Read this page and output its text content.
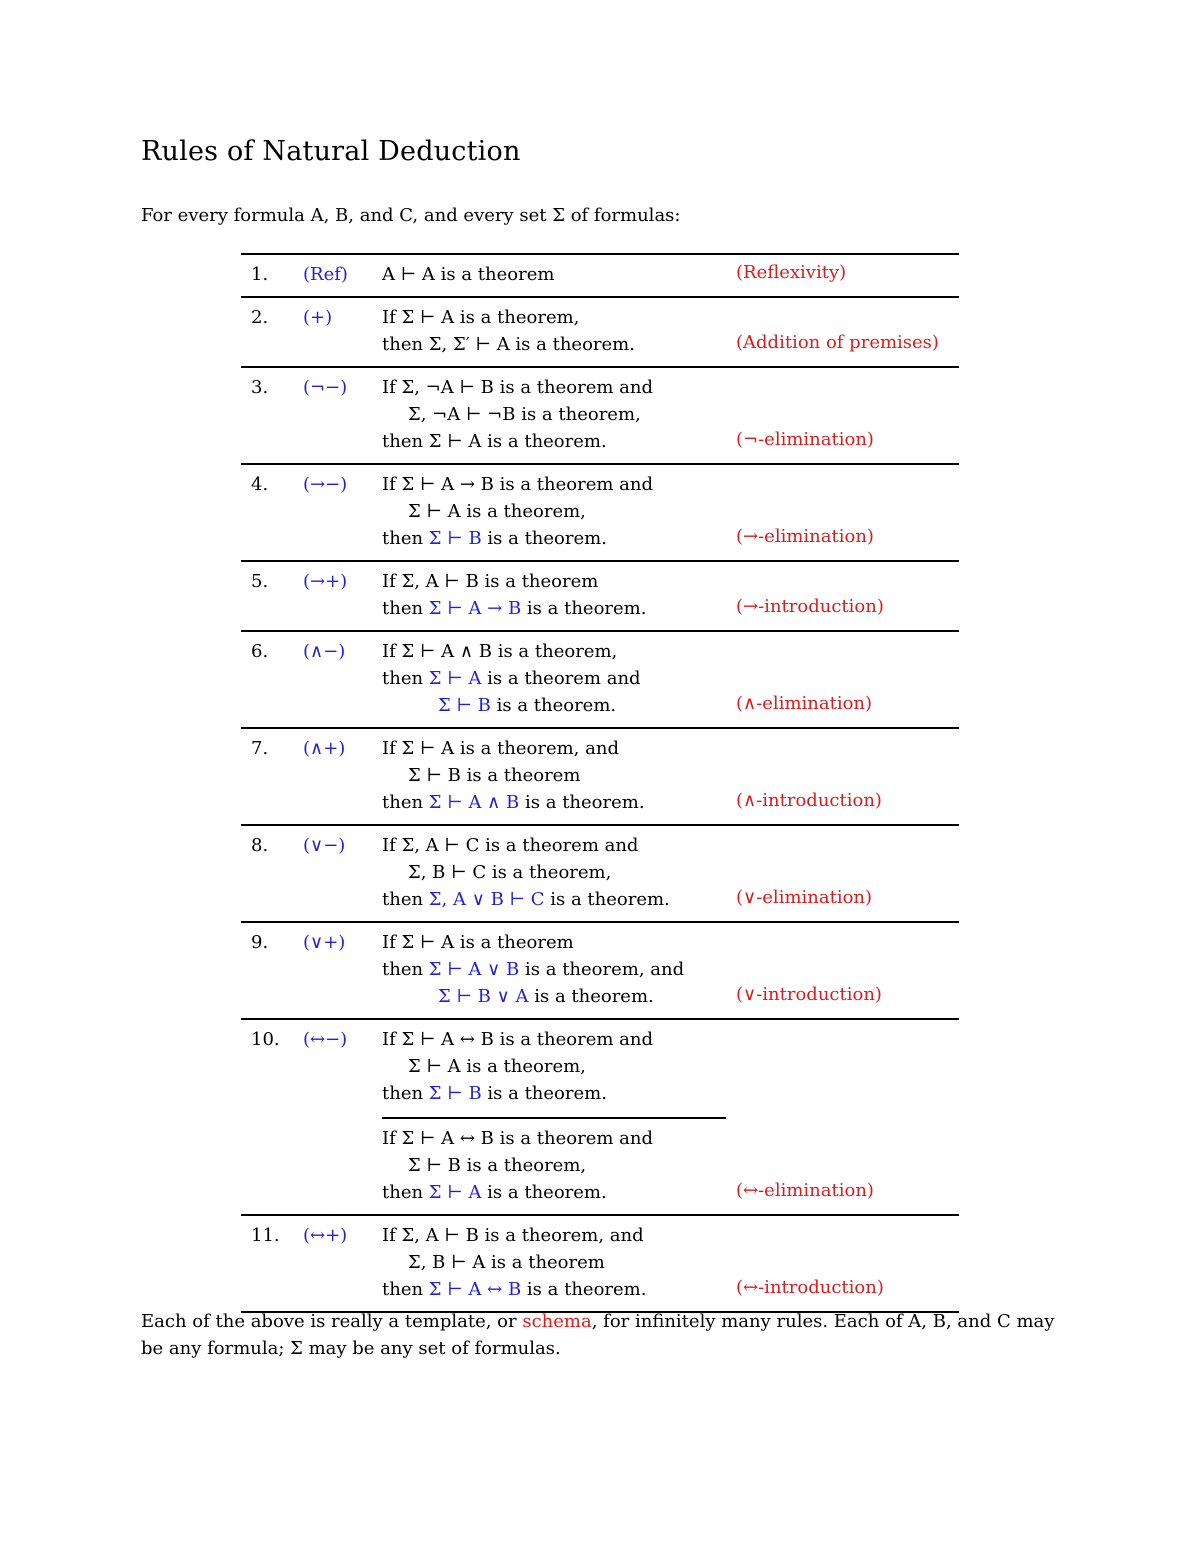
Rules of Natural Deduction

For every formula A, B, and C, and every set Σ of formulas:

1. (Ref) A ⊢ A is a theorem	(Reflexivity)
2. (+)	If Σ ⊢ A is a theorem,
then Σ, Σ′ ⊢ A is a theorem.	(Addition of premises)
3. (¬−) If Σ, ¬A ⊢ B is a theorem and
Σ, ¬A ⊢ ¬B is a theorem,
then Σ ⊢ A is a theorem.	(¬-elimination)
4. (→−) If Σ ⊢ A → B is a theorem and
Σ ⊢ A is a theorem,
then Σ ⊢ B is a theorem.	(→-elimination)
5. (→+) If Σ, A ⊢ B is a theorem
then Σ ⊢ A → B is a theorem.	(→-introduction)
6. (∧−) If Σ ⊢ A ∧ B is a theorem,
then Σ ⊢ A is a theorem and
Σ ⊢ B is a theorem.	(∧-elimination)
7. (∧+) If Σ ⊢ A is a theorem, and
Σ ⊢ B is a theorem
then Σ ⊢ A ∧ B is a theorem.	(∧-introduction)
8. (∨−) If Σ, A ⊢ C is a theorem and
Σ, B ⊢ C is a theorem,
then Σ, A ∨ B ⊢ C is a theorem.	(∨-elimination)
9. (∨+) If Σ ⊢ A is a theorem
then Σ ⊢ A ∨ B is a theorem, and
Σ ⊢ B ∨ A is a theorem.	(∨-introduction)
10. (↔−) If Σ ⊢ A ↔ B is a theorem and
Σ ⊢ A is a theorem,
then Σ ⊢ B is a theorem.
If Σ ⊢ A ↔ B is a theorem and
Σ ⊢ B is a theorem,
then Σ ⊢ A is a theorem.	(↔-elimination)
11. (↔+) If Σ, A ⊢ B is a theorem, and
Σ, B ⊢ A is a theorem
then Σ ⊢ A ↔ B is a theorem.	(↔-introduction)

Each of the above is really a template, or schema, for infinitely many rules. Each of A, B, and C may be any formula; Σ may be any set of formulas.
